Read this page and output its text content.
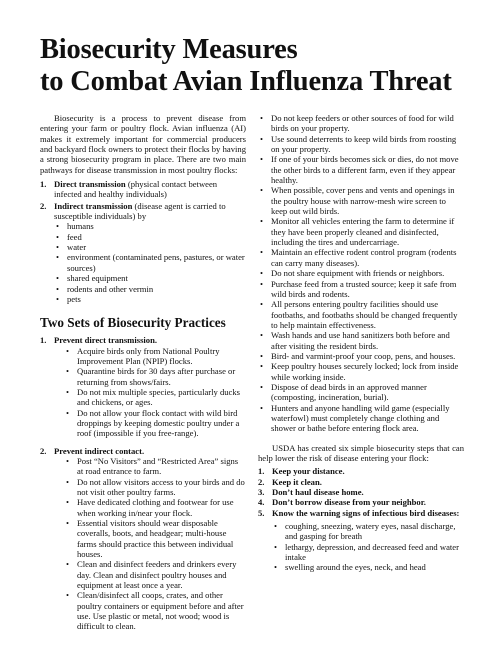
Biosecurity Measures
to Combat Avian Influenza Threat

Biosecurity is a process to prevent disease from entering your farm or poultry flock. Avian influenza (AI) makes it extremely important for commercial producers and backyard flock owners to protect their flocks by having a strong biosecurity program in place. There are two main pathways for disease transmission in most poultry flocks:

1. Direct transmission (physical contact between infected and healthy individuals)
2. Indirect transmission (disease agent is carried to susceptible individuals) by
• humans
• feed
• water
• environment (contaminated pens, pastures, or water sources)
• shared equipment
• rodents and other vermin
• pets
Two Sets of Biosecurity Practices
1. Prevent direct transmission.
• Acquire birds only from National Poultry Improvement Plan (NPIP) flocks.
• Quarantine birds for 30 days after purchase or returning from shows/fairs.
• Do not mix multiple species, particularly ducks and chickens, or ages.
• Do not allow your flock contact with wild bird droppings by keeping domestic poultry under a roof (impossible if you free-range).
2. Prevent indirect contact.
• Post “No Visitors” and “Restricted Area” signs at road entrance to farm.
• Do not allow visitors access to your birds and do not visit other poultry farms.
• Have dedicated clothing and footwear for use when working in/near your flock.
• Essential visitors should wear disposable coveralls, boots, and headgear; multi-house farms should practice this between individual houses.
• Clean and disinfect feeders and drinkers every day. Clean and disinfect poultry houses and equipment at least once a year.
• Clean/disinfect all coops, crates, and other poultry containers or equipment before and after use. Use plastic or metal, not wood; wood is difficult to clean.
• Do not keep feeders or other sources of food for wild birds on your property.
• Use sound deterrents to keep wild birds from roosting on your property.
• If one of your birds becomes sick or dies, do not move the other birds to a different farm, even if they appear healthy.
• When possible, cover pens and vents and openings in the poultry house with narrow-mesh wire screen to keep out wild birds.
• Monitor all vehicles entering the farm to determine if they have been properly cleaned and disinfected, including the tires and undercarriage.
• Maintain an effective rodent control program (rodents can carry many diseases).
• Do not share equipment with friends or neighbors.
• Purchase feed from a trusted source; keep it safe from wild birds and rodents.
• All persons entering poultry facilities should use footbaths, and footbaths should be changed frequently to help maintain effectiveness.
• Wash hands and use hand sanitizers both before and after visiting the resident birds.
• Bird- and varmint-proof your coop, pens, and houses.
• Keep poultry houses securely locked; lock from inside while working inside.
• Dispose of dead birds in an approved manner (composting, incineration, burial).
• Hunters and anyone handling wild game (especially waterfowl) must completely change clothing and shower or bathe before entering flock area.

USDA has created six simple biosecurity steps that can help lower the risk of disease entering your flock:

1. Keep your distance.
2. Keep it clean.
3. Don’t haul disease home.
4. Don’t borrow disease from your neighbor.
5. Know the warning signs of infectious bird diseases:
• coughing, sneezing, watery eyes, nasal discharge, and gasping for breath
• lethargy, depression, and decreased feed and water intake
• swelling around the eyes, neck, and head
